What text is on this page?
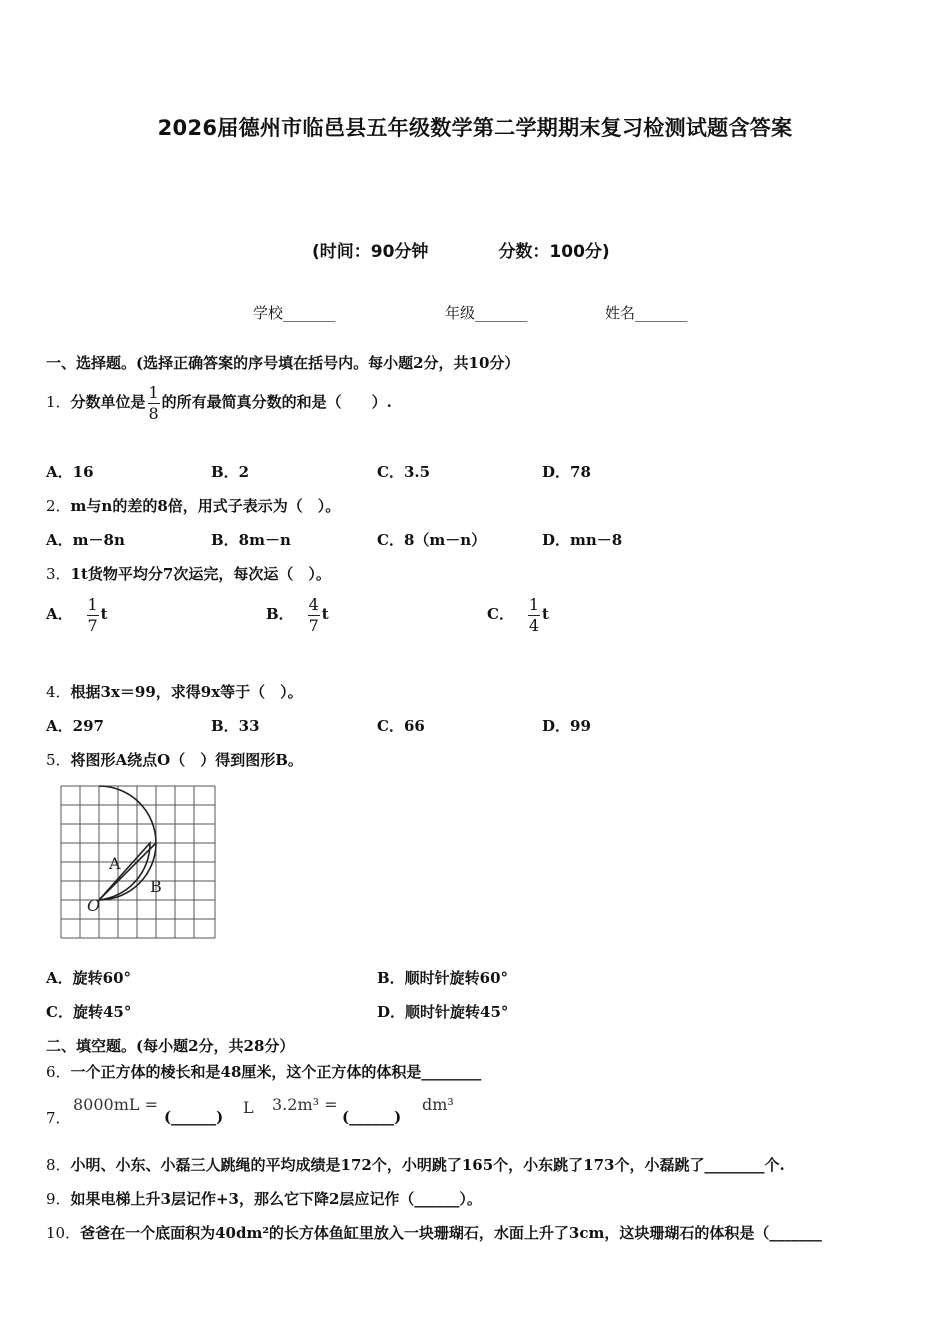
2026届德州市临邑县五年级数学第二学期期末复习检测试题含答案
(时间：90分钟	分数：100分)
学校_______	年级_______	姓名_______
一、选择题。(选择正确答案的序号填在括号内。每小题2分，共10分）
1．分数单位是 $\frac{1}{8}$ 的所有最简真分数的和是（　　）.
A．16	B．2	C．3.5	D．78
2．m与n的差的8倍，用式子表示为（　）。
A．m－8n	B．8m－n	C．8（m－n）	D．mn－8
3．1t货物平均分7次运完，每次运（　）。
A． $\frac{1}{7}$ t	B． $\frac{4}{7}$ t	C． $\frac{1}{4}$ t
4．根据3x＝99，求得9x等于（　）。
A．297	B．33	C．66	D．99
5．将图形A绕点O（　）得到图形B。
A
B
O
A．旋转60°	B．顺时针旋转60°
C．旋转45°	D．顺时针旋转45°
二、填空题。(每小题2分，共28分）
6．一个正方体的棱长和是48厘米，这个正方体的体积是________
7．
8000mL =
(______) L 3.2m³ =
(______)
dm³
8．小明、小东、小磊三人跳绳的平均成绩是172个，小明跳了165个，小东跳了173个，小磊跳了________个.
9．如果电梯上升3层记作+3，那么它下降2层应记作（______）。
10．爸爸在一个底面积为40dm²的长方体鱼缸里放入一块珊瑚石，水面上升了3cm，这块珊瑚石的体积是（_______
